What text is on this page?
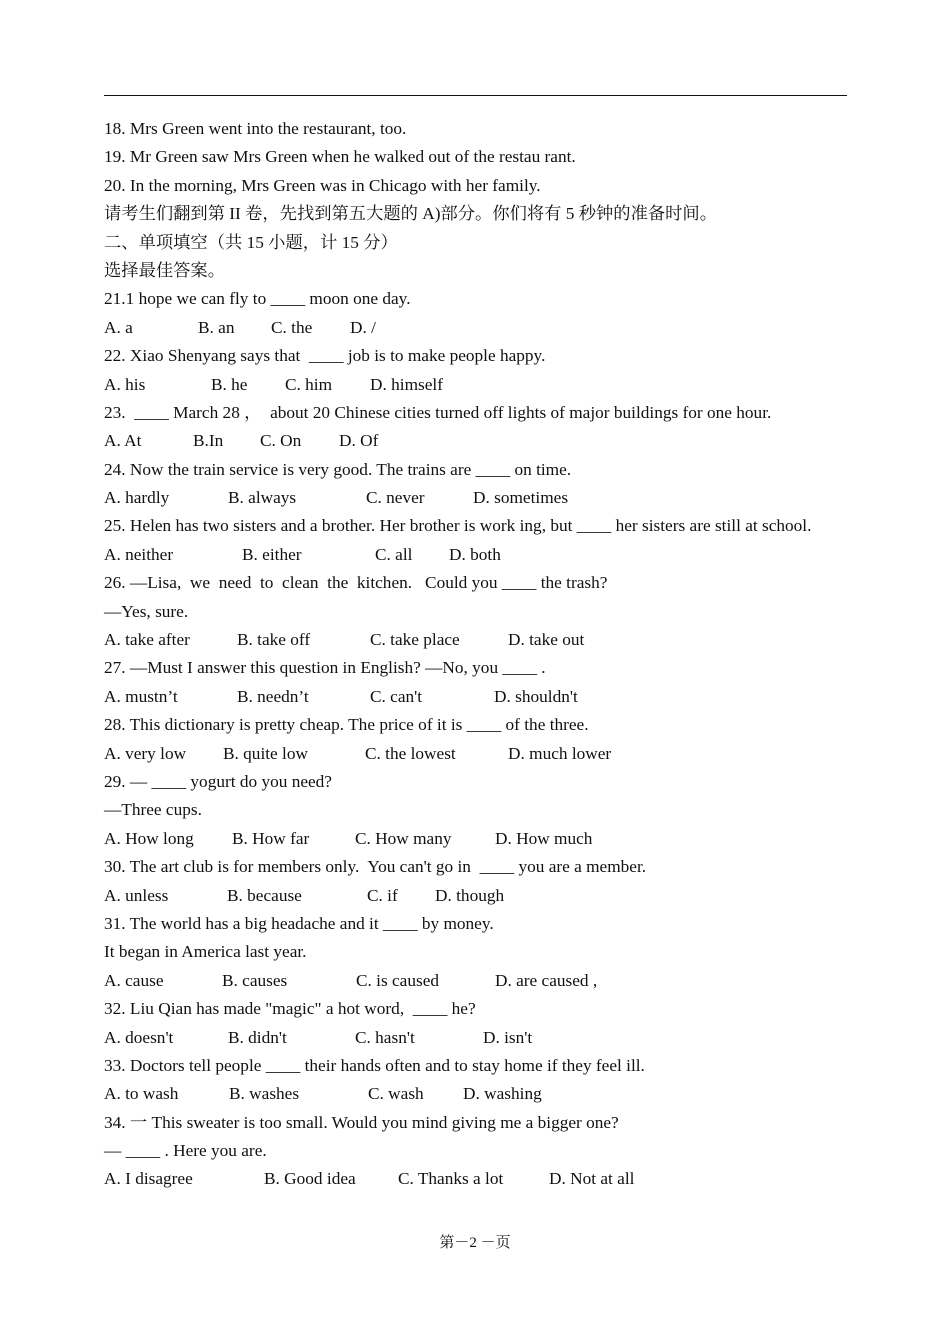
18. Mrs Green went into the restaurant, too.
19. Mr Green saw Mrs Green when he walked out of the restau rant.
20. In the morning, Mrs Green was in Chicago with her family.
请考生们翻到第 II 卷，先找到第五大题的 A)部分。你们将有 5 秒钟的准备时间。
二、单项填空（共 15 小题，计 15 分）
选择最佳答案。
21.1 hope we can fly to ____ moon one day.

A. a

	B. an

C. the

D. /

22. Xiao Shenyang says that  ____ job is to make people happy.

A. his

	B. he

C. him

D. himself

23.  ____ March 28 ，  about 20 Chinese cities turned off lights of major buildings for one hour.

A. At

	B.In

C. On

D. Of

24. Now the train service is very good. The trains are ____ on time.

A. hardly

	B. always

	C. never

	D. sometimes

25. Helen has two sisters and a brother. Her brother is work ing, but ____ her sisters are still at school.

A. neither

	B. either

	C. all

D. both

26. —Lisa,  we  need  to  clean  the  kitchen.   Could you ____ the trash?
—Yes, sure.

A. take after

	B. take off

	C. take place

	D. take out

27. —Must I answer this question in English? —No, you ____ .

A. mustn’t

	B. needn’t

	C. can't

	D. shouldn't

28. This dictionary is pretty cheap. The price of it is ____ of the three.

A. very low

B. quite low

	C. the lowest

	D. much lower

29. — ____ yogurt do you need?
—Three cups.

A. How long

B. How far

	C. How many

	D. How much

30. The art club is for members only.  You can't go in  ____ you are a member.

A. unless

	B. because

	C. if

D. though

31. The world has a big headache and it ____ by money.
It began in America last year.

A. cause

	B. causes

	C. is caused

	D. are caused ,

32. Liu Qian has made "magic" a hot word,  ____ he?

A. doesn't

	B. didn't

	C. hasn't

	D. isn't

33. Doctors tell people ____ their hands often and to stay home if they feel ill.

A. to wash

	B. washes

	C. wash

D. washing

34. 一 This sweater is too small. Would you mind giving me a bigger one?
— ____ . Here you are.

A. I disagree

	B. Good idea

C. Thanks a lot

	D. Not at all

第－2 －页
